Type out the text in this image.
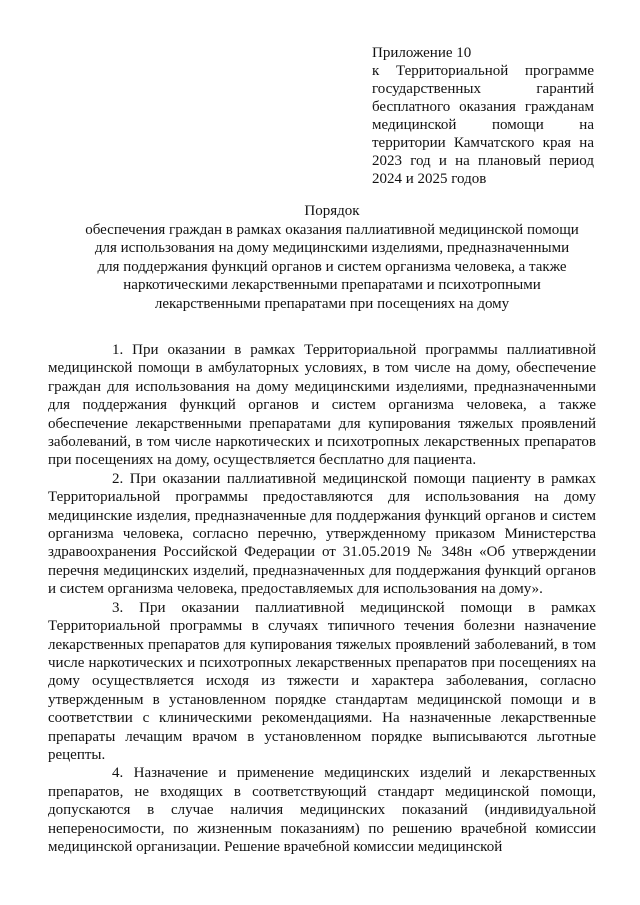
Приложение 10
к Территориальной программе государственных гарантий бесплатного оказания гражданам медицинской помощи на территории Камчатского края на 2023 год и на плановый период 2024 и 2025 годов
Порядок
обеспечения граждан в рамках оказания паллиативной медицинской помощи
для использования на дому медицинскими изделиями, предназначенными
для поддержания функций органов и систем организма человека, а также
наркотическими лекарственными препаратами и психотропными
лекарственными препаратами при посещениях на дому

1. При оказании в рамках Территориальной программы паллиативной медицинской помощи в амбулаторных условиях, в том числе на дому, обеспечение граждан для использования на дому медицинскими изделиями, предназначенными для поддержания функций органов и систем организма человека, а также обеспечение лекарственными препаратами для купирования тяжелых проявлений заболеваний, в том числе наркотических и психотропных лекарственных препаратов при посещениях на дому, осуществляется бесплатно для пациента.

2. При оказании паллиативной медицинской помощи пациенту в рамках Территориальной программы предоставляются для использования на дому медицинские изделия, предназначенные для поддержания функций органов и систем организма человека, согласно перечню, утвержденному приказом Министерства здравоохранения Российской Федерации от 31.05.2019 № 348н «Об утверждении перечня медицинских изделий, предназначенных для поддержания функций органов и систем организма человека, предоставляемых для использования на дому».

3. При оказании паллиативной медицинской помощи в рамках Территориальной программы в случаях типичного течения болезни назначение лекарственных препаратов для купирования тяжелых проявлений заболеваний, в том числе наркотических и психотропных лекарственных препаратов при посещениях на дому осуществляется исходя из тяжести и характера заболевания, согласно утвержденным в установленном порядке стандартам медицинской помощи и в соответствии с клиническими рекомендациями. На назначенные лекарственные препараты лечащим врачом в установленном порядке выписываются льготные рецепты.

4. Назначение и применение медицинских изделий и лекарственных препаратов, не входящих в соответствующий стандарт медицинской помощи, допускаются в случае наличия медицинских показаний (индивидуальной непереносимости, по жизненным показаниям) по решению врачебной комиссии медицинской организации. Решение врачебной комиссии медицинской
